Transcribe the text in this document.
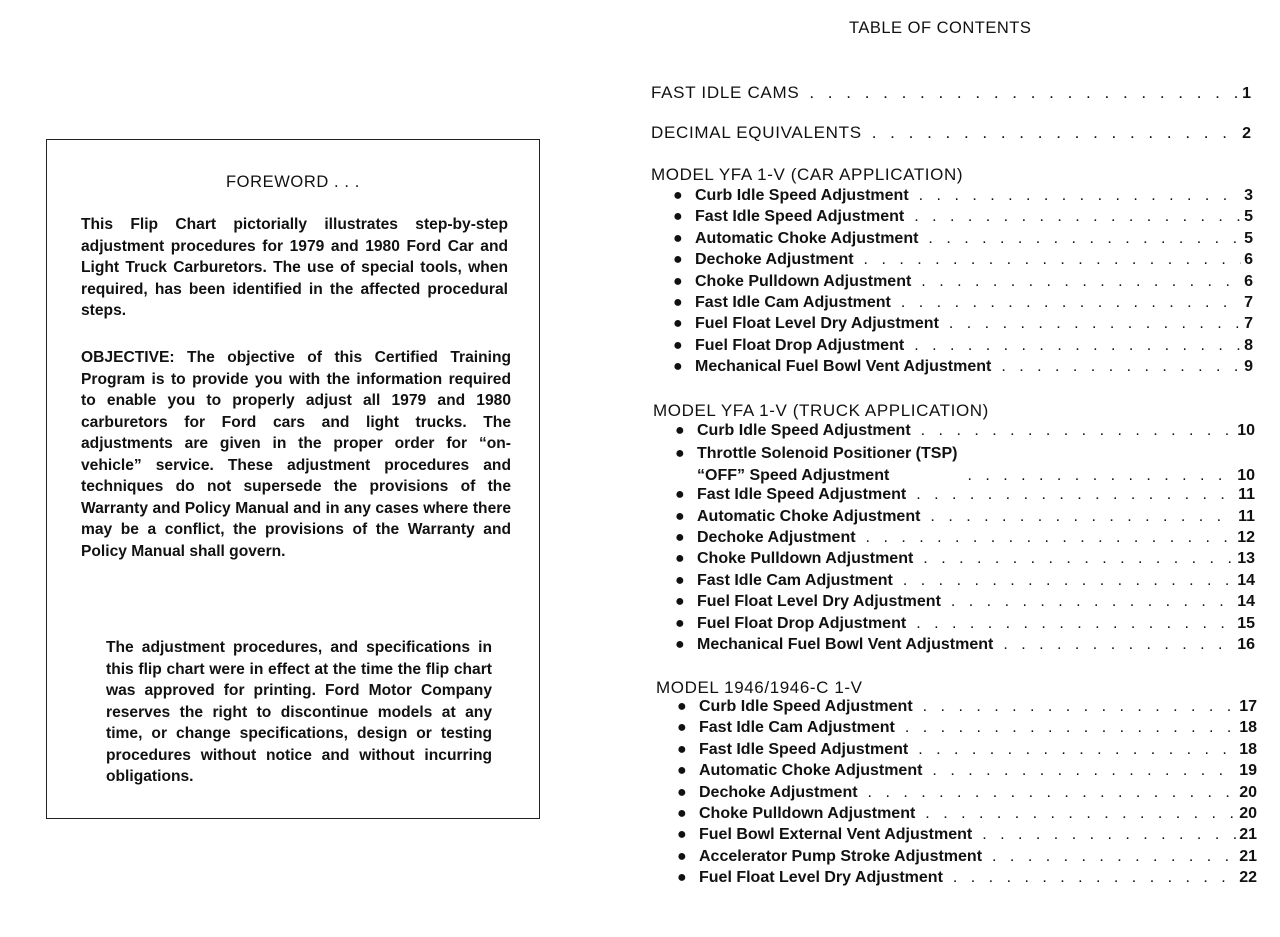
FOREWORD . . .

This Flip Chart pictorially illustrates step-by-step adjustment procedures for 1979 and 1980 Ford Car and Light Truck Carburetors. The use of special tools, when required, has been identified in the affected procedural steps.

OBJECTIVE: The objective of this Certified Training Program is to provide you with the information required to enable you to properly adjust all 1979 and 1980 carburetors for Ford cars and light trucks. The adjustments are given in the proper order for “on-vehicle” service. These adjustment procedures and techniques do not supersede the provisions of the Warranty and Policy Manual and in any cases where there may be a conflict, the provisions of the Warranty and Policy Manual shall govern.

The adjustment procedures, and specifications in this flip chart were in effect at the time the flip chart was approved for printing. Ford Motor Company reserves the right to discontinue models at any time, or change specifications, design or testing procedures without notice and without incurring obligations.

TABLE OF CONTENTS
FAST IDLE CAMS . . .	1
DECIMAL EQUIVALENTS . . .	2
MODEL YFA 1-V (CAR APPLICATION)
● Curb Idle Speed Adjustment . . .	3
● Fast Idle Speed Adjustment . . .	5
● Automatic Choke Adjustment . . .	5
● Dechoke Adjustment . . .	6
● Choke Pulldown Adjustment . . .	6
● Fast Idle Cam Adjustment . . .	7
● Fuel Float Level Dry Adjustment . . .	7
● Fuel Float Drop Adjustment . . .	8
● Mechanical Fuel Bowl Vent Adjustment . . .	9
MODEL YFA 1-V (TRUCK APPLICATION)
● Curb Idle Speed Adjustment . . .	10
● Throttle Solenoid Positioner (TSP)
“OFF” Speed Adjustment . . .	10
● Fast Idle Speed Adjustment . . .	11
● Automatic Choke Adjustment . . .	11
● Dechoke Adjustment . . .	12
● Choke Pulldown Adjustment . . .	13
● Fast Idle Cam Adjustment . . .	14
● Fuel Float Level Dry Adjustment . . .	14
● Fuel Float Drop Adjustment . . .	15
● Mechanical Fuel Bowl Vent Adjustment . . .	16
MODEL 1946/1946-C 1-V
● Curb Idle Speed Adjustment . . .	17
● Fast Idle Cam Adjustment . . .	18
● Fast Idle Speed Adjustment . . .	18
● Automatic Choke Adjustment . . .	19
● Dechoke Adjustment . . .	20
● Choke Pulldown Adjustment . . .	20
● Fuel Bowl External Vent Adjustment . . .	21
● Accelerator Pump Stroke Adjustment . . .	21
● Fuel Float Level Dry Adjustment . . .	22
